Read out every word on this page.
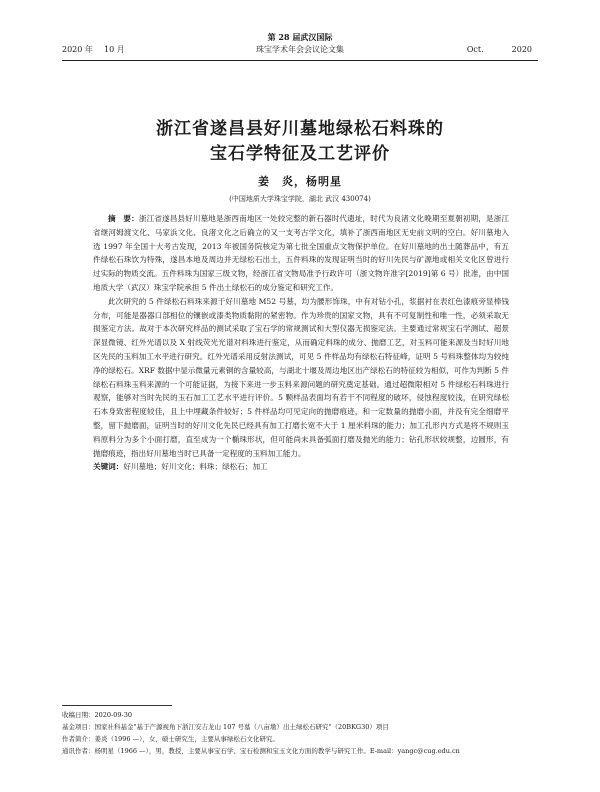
2020 年 10 月
第 28 届武汉国际
珠宝学术年会会议论文集	Oct.	2020
浙江省遂昌县好川墓地绿松石料珠的
宝石学特征及工艺评价
姜　炎，杨明星
(中国地质大学珠宝学院，湖北 武汉 430074)

摘　要：浙江省遂昌县好川墓地是浙西南地区一处较完整的新石器时代遗址，时代为良渚文化晚期至夏朝初期，是浙江省继河姆渡文化、马家浜文化、良渚文化之后确立的又一支考古学文化，填补了浙西南地区无史前文明的空白。好川墓地入选 1997 年全国十大考古发现，2013 年被国务院核定为第七批全国重点文物保护单位。在好川墓地的出土随葬品中，有五件绿松石珠饮为特殊，遂昌本地及周边并无绿松石出土，五件料珠的发现证明当时的好川先民与矿源地或相关文化区曾进行过实际的物质交流。五件料珠为国家三级文物，经浙江省文物局准予行政许可（浙文物许准字[2019]第 6 号）批准，由中国地质大学（武汉）珠宝学院承担 5 件出土绿松石的成分鉴定和研究工作。

此次研究的 5 件绿松石料珠来源于好川墓地 M52 号墓，均为腰形饰珠，中有对钻小孔，浆据衬在表红色漆痕旁显棒钱分布，可能是器器口部相位的镶嵌或漆类物质黏附的紧密物。作为珍贵的国家文物，具有不可复制性和唯一性，必须采取无损鉴定方法。故对于本次研究样品的测试采取了宝石学的常规测试和大型仪器无损鉴定法。主要通过常规宝石学测试、超景深显微镜、红外光谱以及 X 射线荧光光谱对料珠进行鉴定，从而确定料珠的成分、抛磨工艺，对玉料可能来源及当时好川地区先民的玉料加工水平进行研究。红外光谱采用反射法测试，可见 5 件样品均有绿松石特征峰，证明 5 号料珠整体均为较纯净的绿松石。XRF 数据中显示微量元素铜的含量较高，与湖北十堰及周边地区出产绿松石的特征较为相似，可作为判断 5 件绿松石料珠玉料来源的一个可能证据，为接下来进一步玉料来源问题的研究奠定基础。通过超微限相对 5 件绿松石料珠进行观察，能够对当时先民的玉石加工工艺水平进行评价。5 颗样品表面均有若干不同程度的破坏，侵蚀程度较浅，在研究绿松石本身致密程度较佳，且上中埋藏条件较好；5 件样品均可见定向的抛磨痕迹，和一定数量的抛磨小面，并没有完全细磨平整，留下抛磨面，证明当时的好川文化先民已经具有加工打磨长宽不大于 1 厘米料珠的能力；加工孔形内方式是将不规则玉料原料分为多个小面打磨，直至成为一个椭珠形状，但可能尚未具备弧面打磨及抛光的能力；钻孔形状较规整，边圆形，有抛磨痕迹，指出好川墓地当时已具备一定程度的玉料加工能力。

关键词：好川墓地；好川文化；料珠；绿松石；加工

收稿日期：2020-09-30
基金项目：国家社科基金"基于产源视角下浙江安吉龙山 107 号墓（八亩墩）出土绿松石研究"（20BKG30）项目
作者简介：姜炎（1996 —），女，硕士研究生，主要从事绿松石文化研究。
通讯作者：杨明星（1966 —），男，教授，主要从事宝石学、宝石检测和宝玉文化方面的教学与研究工作。E-mail：yangc@cug.edu.cn
